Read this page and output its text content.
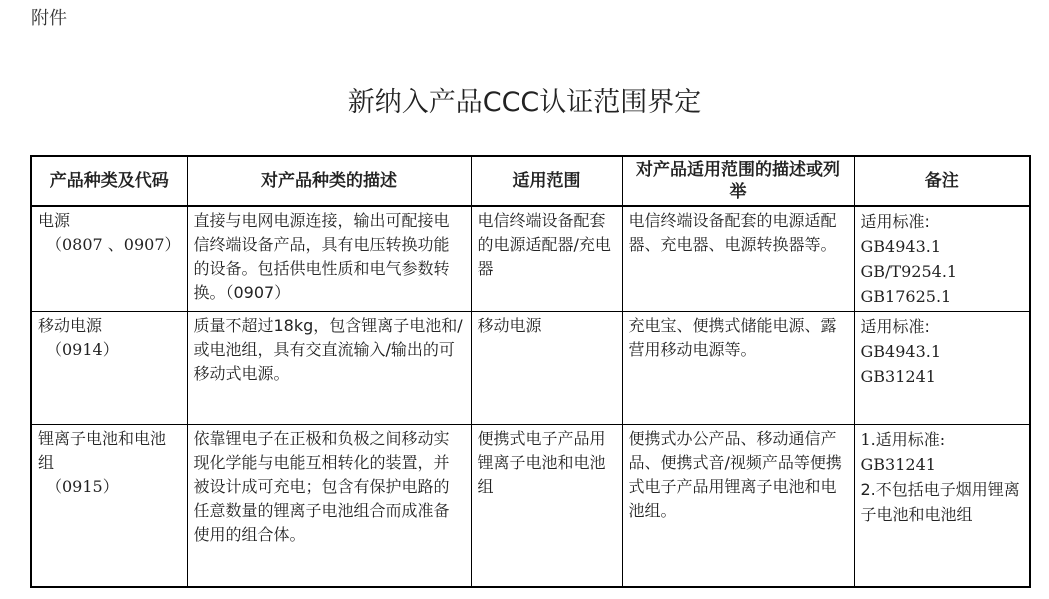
附件
新纳入产品CCC认证范围界定
产品种类及代码	对产品种类的描述	适用范围	对产品适用范围的描述或列举	备注

电源
（0807 、0907）	直接与电网电源连接，输出可配接电信终端设备产品，具有电压转换功能的设备。包括供电性质和电气参数转换。（0907）	电信终端设备配套的电源适配器/充电器	电信终端设备配套的电源适配器、充电器、电源转换器等。	适用标准:
GB4943.1
GB/T9254.1
GB17625.1

移动电源
（0914）	质量不超过18kg，包含锂离子电池和/或电池组，具有交直流输入/输出的可移动式电源。	移动电源	充电宝、便携式储能电源、露营用移动电源等。	适用标准:
GB4943.1
GB31241

锂离子电池和电池组
（0915）	依靠锂电子在正极和负极之间移动实现化学能与电能互相转化的装置，并被设计成可充电；包含有保护电路的任意数量的锂离子电池组合而成准备使用的组合体。	便携式电子产品用锂离子电池和电池组	便携式办公产品、移动通信产品、便携式音/视频产品等便携式电子产品用锂离子电池和电池组。	1.适用标准:
GB31241
2.不包括电子烟用锂离子电池和电池组
